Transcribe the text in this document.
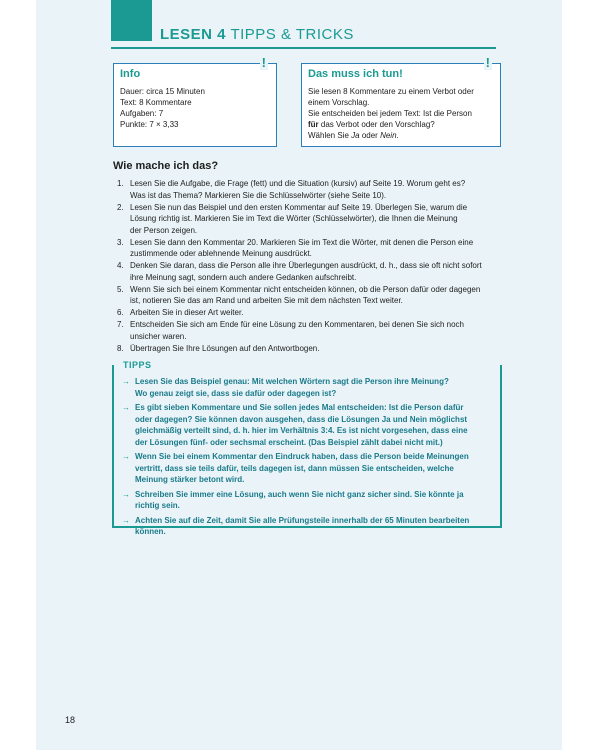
LESEN 4 TIPPS & TRICKS
!
Info
Dauer: circa 15 Minuten
Text: 8 Kommentare
Aufgaben: 7
Punkte: 7 × 3,33
!
Das muss ich tun!
Sie lesen 8 Kommentare zu einem Verbot oder
einem Vorschlag.
Sie entscheiden bei jedem Text: Ist die Person
für das Verbot oder den Vorschlag?
Wählen Sie Ja oder Nein.
Wie mache ich das?
1. Lesen Sie die Aufgabe, die Frage (fett) und die Situation (kursiv) auf Seite 19. Worum geht es?
Was ist das Thema? Markieren Sie die Schlüsselwörter (siehe Seite 10).
2. Lesen Sie nun das Beispiel und den ersten Kommentar auf Seite 19. Überlegen Sie, warum die
Lösung richtig ist. Markieren Sie im Text die Wörter (Schlüsselwörter), die Ihnen die Meinung
der Person zeigen.
3. Lesen Sie dann den Kommentar 20. Markieren Sie im Text die Wörter, mit denen die Person eine
zustimmende oder ablehnende Meinung ausdrückt.
4. Denken Sie daran, dass die Person alle ihre Überlegungen ausdrückt, d. h., dass sie oft nicht sofort
ihre Meinung sagt, sondern auch andere Gedanken aufschreibt.
5. Wenn Sie sich bei einem Kommentar nicht entscheiden können, ob die Person dafür oder dagegen
ist, notieren Sie das am Rand und arbeiten Sie mit dem nächsten Text weiter.
6. Arbeiten Sie in dieser Art weiter.
7. Entscheiden Sie sich am Ende für eine Lösung zu den Kommentaren, bei denen Sie sich noch
unsicher waren.
8. Übertragen Sie Ihre Lösungen auf den Antwortbogen.
TIPPS
→ Lesen Sie das Beispiel genau: Mit welchen Wörtern sagt die Person ihre Meinung?
Wo genau zeigt sie, dass sie dafür oder dagegen ist?
→ Es gibt sieben Kommentare und Sie sollen jedes Mal entscheiden: Ist die Person dafür
oder dagegen? Sie können davon ausgehen, dass die Lösungen Ja und Nein möglichst
gleichmäßig verteilt sind, d. h. hier im Verhältnis 3:4. Es ist nicht vorgesehen, dass eine
der Lösungen fünf- oder sechsmal erscheint. (Das Beispiel zählt dabei nicht mit.)
→ Wenn Sie bei einem Kommentar den Eindruck haben, dass die Person beide Meinungen
vertritt, dass sie teils dafür, teils dagegen ist, dann müssen Sie entscheiden, welche
Meinung stärker betont wird.
→ Schreiben Sie immer eine Lösung, auch wenn Sie nicht ganz sicher sind. Sie könnte ja
richtig sein.
→ Achten Sie auf die Zeit, damit Sie alle Prüfungsteile innerhalb der 65 Minuten bearbeiten
können.
18
